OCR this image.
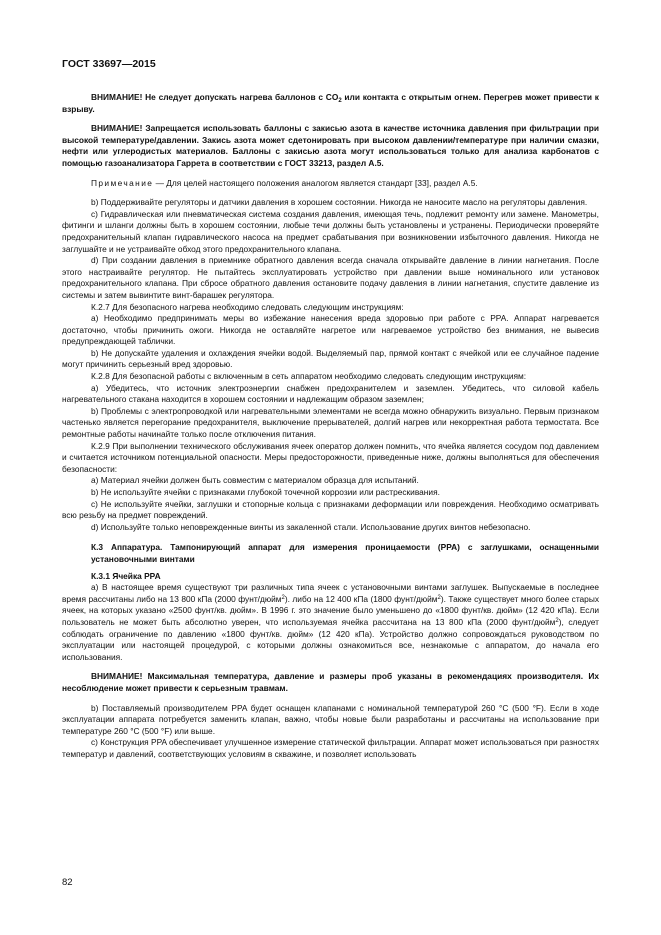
ГОСТ 33697—2015

ВНИМАНИЕ! Не следует допускать нагрева баллонов с $CO_2$ или контакта с открытым огнем. Перегрев может привести к взрыву.

ВНИМАНИЕ! Запрещается использовать баллоны с закисью азота в качестве источника давления при фильтрации при высокой температуре/давлении. Закись азота может сдетонировать при высоком давлении/температуре при наличии смазки, нефти или углеродистых материалов. Баллоны с закисью азота могут использоваться только для анализа карбонатов с помощью газоанализатора Гаррета в соответствии с ГОСТ 33213, раздел А.5.

Примечание — Для целей настоящего положения аналогом является стандарт [33], раздел А.5.

b) Поддерживайте регуляторы и датчики давления в хорошем состоянии. Никогда не наносите масло на регуляторы давления.

c) Гидравлическая или пневматическая система создания давления, имеющая течь, подлежит ремонту или замене. Манометры, фитинги и шланги должны быть в хорошем состоянии, любые течи должны быть установлены и устранены. Периодически проверяйте предохранительный клапан гидравлического насоса на предмет срабатывания при возникновении избыточного давления. Никогда не заглушайте и не устраивайте обход этого предохранительного клапана.

d) При создании давления в приемнике обратного давления всегда сначала открывайте давление в линии нагнетания. После этого настраивайте регулятор. Не пытайтесь эксплуатировать устройство при давлении выше номинального или установок предохранительного клапана. При сбросе обратного давления остановите подачу давления в линии нагнетания, спустите давление из системы и затем вывинтите винт-барашек регулятора.

К.2.7 Для безопасного нагрева необходимо следовать следующим инструкциям:

a) Необходимо предпринимать меры во избежание нанесения вреда здоровью при работе с PPA. Аппарат нагревается достаточно, чтобы причинить ожоги. Никогда не оставляйте нагретое или нагреваемое устройство без внимания, не вывесив предупреждающей таблички.

b) Не допускайте удаления и охлаждения ячейки водой. Выделяемый пар, прямой контакт с ячейкой или ее случайное падение могут причинить серьезный вред здоровью.

К.2.8 Для безопасной работы с включенным в сеть аппаратом необходимо следовать следующим инструкциям:

a) Убедитесь, что источник электроэнергии снабжен предохранителем и заземлен. Убедитесь, что силовой кабель нагревательного стакана находится в хорошем состоянии и надлежащим образом заземлен;

b) Проблемы с электропроводкой или нагревательными элементами не всегда можно обнаружить визуально. Первым признаком частенько является перегорание предохранителя, выключение прерывателей, долгий нагрев или некорректная работа термостата. Все ремонтные работы начинайте только после отключения питания.

К.2.9 При выполнении технического обслуживания ячеек оператор должен помнить, что ячейка является сосудом под давлением и считается источником потенциальной опасности. Меры предосторожности, приведенные ниже, должны выполняться для обеспечения безопасности:

a) Материал ячейки должен быть совместим с материалом образца для испытаний.

b) Не используйте ячейки с признаками глубокой точечной коррозии или растрескивания.

c) Не используйте ячейки, заглушки и стопорные кольца с признаками деформации или повреждения. Необходимо осматривать всю резьбу на предмет повреждений.

d) Используйте только неповрежденные винты из закаленной стали. Использование других винтов небезопасно.

К.3 Аппаратура. Тампонирующий аппарат для измерения проницаемости (PPA) с заглушками, оснащенными установочными винтами

К.3.1 Ячейка PPA

a) В настоящее время существуют три различных типа ячеек с установочными винтами заглушек. Выпускаемые в последнее время рассчитаны либо на 13 800 кПа (2000 фунт/дюйм$^2$). либо на 12 400 кПа (1800 фунт/дюйм$^2$). Также существует много более старых ячеек, на которых указано «2500 фунт/кв. дюйм». В 1996 г. это значение было уменьшено до «1800 фунт/кв. дюйм» (12 420 кПа). Если пользователь не может быть абсолютно уверен, что используемая ячейка рассчитана на 13 800 кПа (2000 фунт/дюйм$^2$), следует соблюдать ограничение по давлению «1800 фунт/кв. дюйм» (12 420 кПа). Устройство должно сопровождаться руководством по эксплуатации или настоящей процедурой, с которыми должны ознакомиться все, незнакомые с аппаратом, до начала его использования.

ВНИМАНИЕ! Максимальная температура, давление и размеры проб указаны в рекомендациях производителя. Их несоблюдение может привести к серьезным травмам.

b) Поставляемый производителем PPA будет оснащен клапанами с номинальной температурой 260 °С (500 °F). Если в ходе эксплуатации аппарата потребуется заменить клапан, важно, чтобы новые были разработаны и рассчитаны на использование при температуре 260 °С (500 °F) или выше.

c) Конструкция PPA обеспечивает улучшенное измерение статической фильтрации. Аппарат может использоваться при разностях температур и давлений, соответствующих условиям в скважине, и позволяет использовать

82
